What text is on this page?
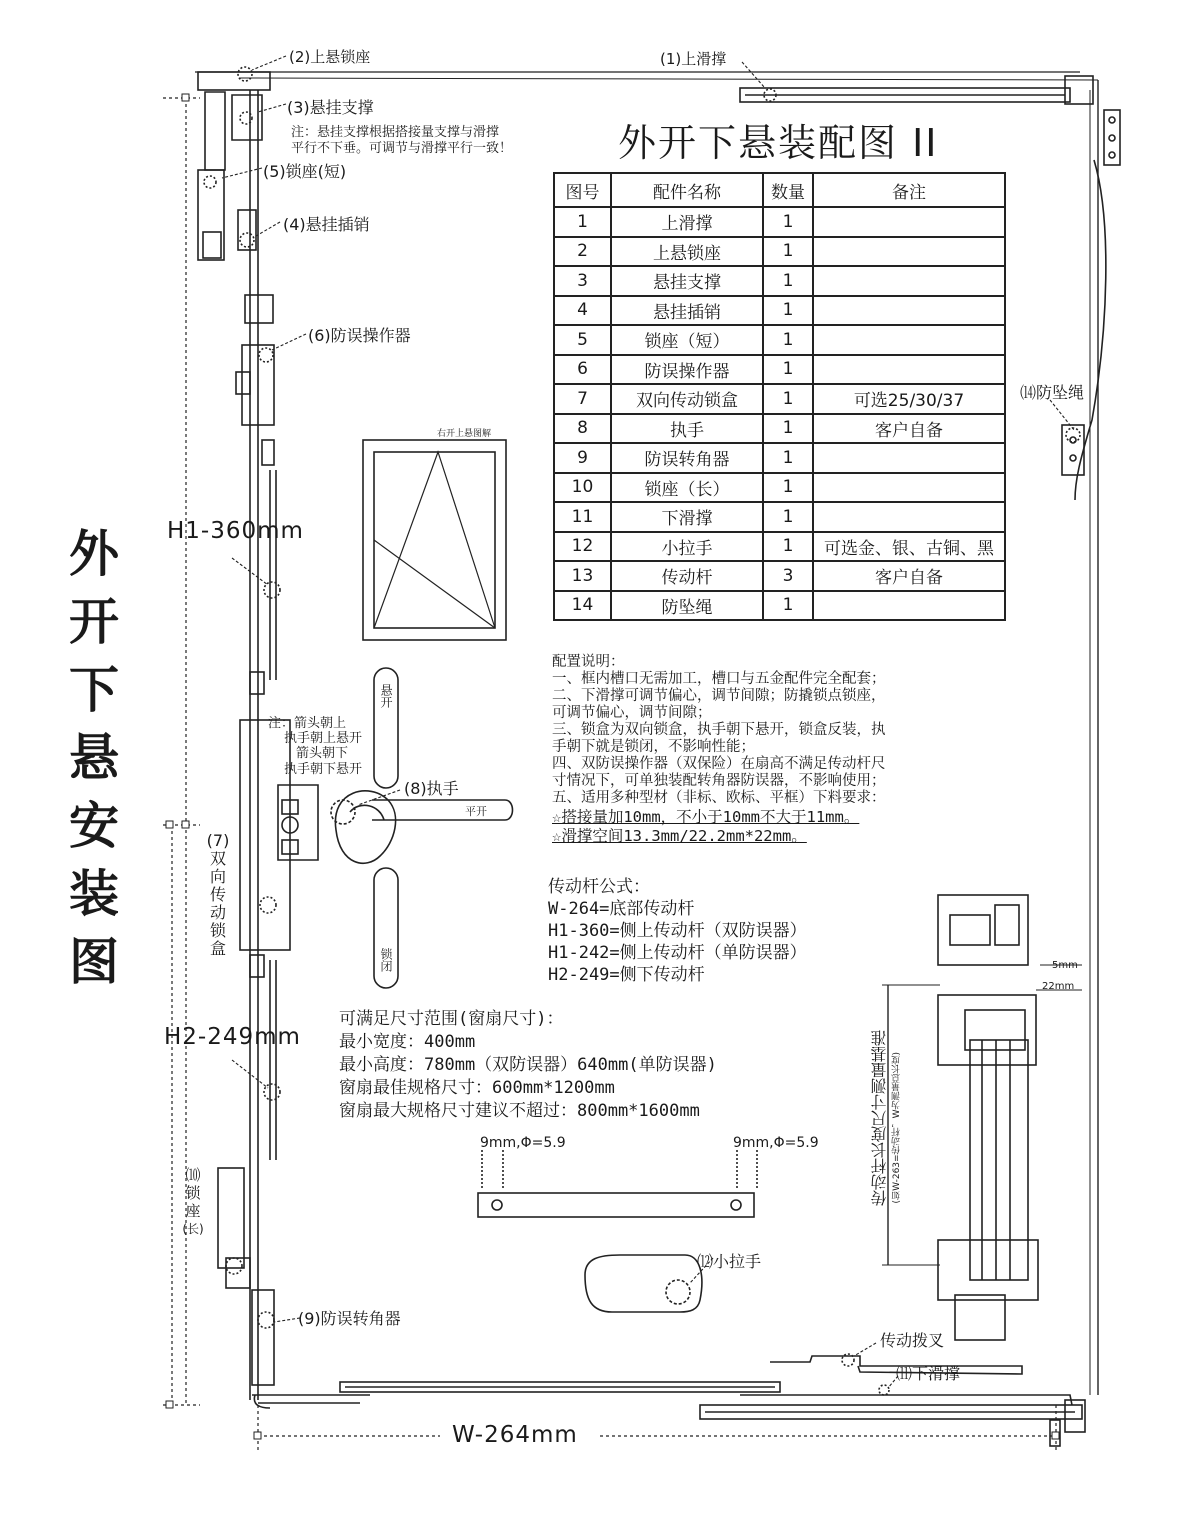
外
开
下
悬
安
装
图
外开下悬装配图 II
图号	配件名称	数量	备注
1	上滑撑	1	
2	上悬锁座	1	
3	悬挂支撑	1	
4	悬挂插销	1	
5	锁座（短）	1	
6	防误操作器	1	
7	双向传动锁盒	1	可选25/30/37
8	执手	1	客户自备
9	防误转角器	1	
10	锁座（长）	1	
11	下滑撑	1	
12	小拉手	1	可选金、银、古铜、黑
13	传动杆	3	客户自备
14	防坠绳	1	
(2)上悬锁座	(1)上滑撑
(3)悬挂支撑
注：悬挂支撑根据搭接量支撑与滑撑
平行不下垂。可调节与滑撑平行一致！
(5)锁座(短)
(4)悬挂插销
(6)防误操作器
⒁防坠绳
右开上悬图解
注：箭头朝上
执手朝上悬开
箭头朝下
执手朝下悬开
(8)执手
悬开
平开
锁闭
(7)
双
向
传
动
锁
盒
⑽
锁
座
(长)
(9)防误转角器
⑿小拉手
传动拨叉
⑾下滑撑
9mm,Φ=5.9	9mm,Φ=5.9
5mm
22mm
传动杆长度尺寸测量基准 (如W-263=传动杆，W为测量总长度)
H1-360mm
H2-249mm
W-264mm
配置说明：
一、框内槽口无需加工，槽口与五金配件完全配套；
二、下滑撑可调节偏心，调节间隙；防撬锁点锁座，
可调节偏心，调节间隙；
三、锁盒为双向锁盒，执手朝下悬开，锁盒反装，执
手朝下就是锁闭，不影响性能；
四、双防误操作器（双保险）在扇高不满足传动杆尺
寸情况下，可单独装配转角器防误器，不影响使用；
五、适用多种型材（非标、欧标、平框）下料要求：
☆搭接量加10mm，不小于10mm不大于11mm。
☆滑撑空间13.3mm/22.2mm*22mm。
传动杆公式：
W-264=底部传动杆
H1-360=侧上传动杆（双防误器）
H1-242=侧上传动杆（单防误器）
H2-249=侧下传动杆
可满足尺寸范围(窗扇尺寸)：
最小宽度：400mm
最小高度：780mm（双防误器）640mm(单防误器)
窗扇最佳规格尺寸：600mm*1200mm
窗扇最大规格尺寸建议不超过：800mm*1600mm
